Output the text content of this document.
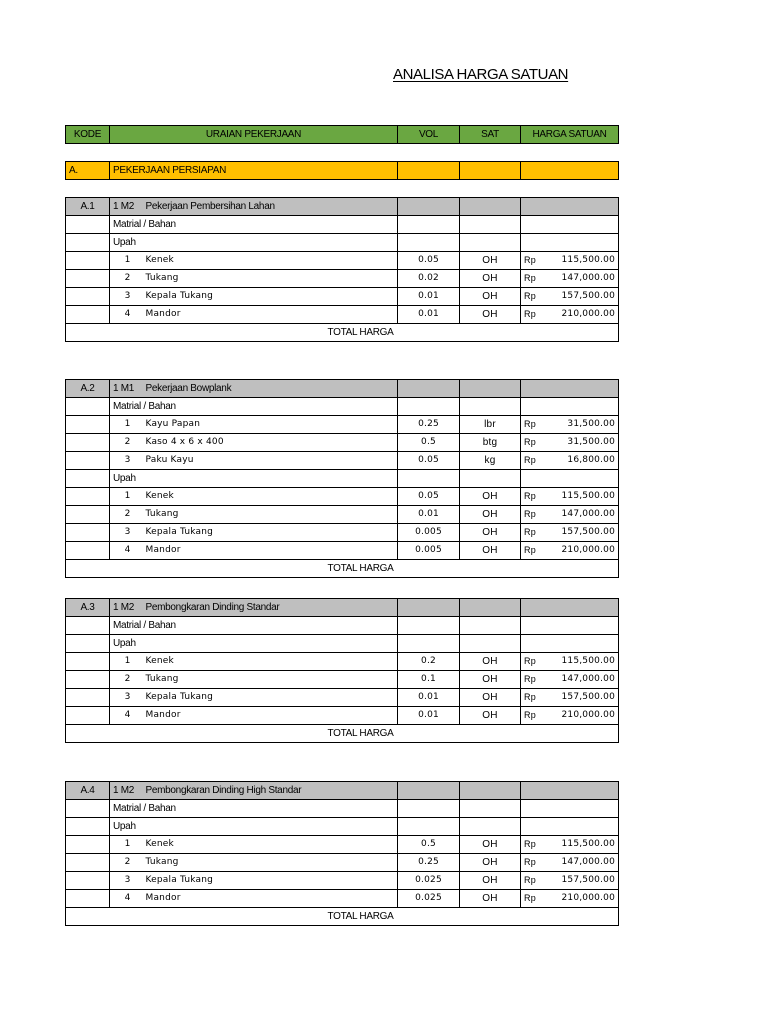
ANALISA HARGA SATUAN
KODE	URAIAN PEKERJAAN	VOL	SAT	HARGA SATUAN
A.	PEKERJAAN PERSIAPAN			
A.1	1 M2	Pekerjaan Pembersihan Lahan			
	Matrial / Bahan				
	Upah				
	1	Kenek	0.05	OH	Rp 115,500.00

	2	Tukang	0.02	OH	Rp 147,000.00

	3	Kepala Tukang	0.01	OH	Rp 157,500.00

	4	Mandor	0.01	OH	Rp 210,000.00

TOTAL HARGA					
A.2	1 M1	Pekerjaan Bowplank			
	Matrial / Bahan				
	1	Kayu Papan	0.25	lbr	Rp 31,500.00

	2	Kaso 4 x 6 x 400	0.5	btg	Rp 31,500.00

	3	Paku Kayu	0.05	kg	Rp 16,800.00

	Upah				
	1	Kenek	0.05	OH	Rp 115,500.00

	2	Tukang	0.01	OH	Rp 147,000.00

	3	Kepala Tukang	0.005	OH	Rp 157,500.00

	4	Mandor	0.005	OH	Rp 210,000.00

TOTAL HARGA					
A.3	1 M2	Pembongkaran Dinding Standar			
	Matrial / Bahan				
	Upah				
	1	Kenek	0.2	OH	Rp 115,500.00

	2	Tukang	0.1	OH	Rp 147,000.00

	3	Kepala Tukang	0.01	OH	Rp 157,500.00

	4	Mandor	0.01	OH	Rp 210,000.00

TOTAL HARGA					
A.4	1 M2	Pembongkaran Dinding High Standar			
	Matrial / Bahan				
	Upah				
	1	Kenek	0.5	OH	Rp 115,500.00

	2	Tukang	0.25	OH	Rp 147,000.00

	3	Kepala Tukang	0.025	OH	Rp 157,500.00

	4	Mandor	0.025	OH	Rp 210,000.00

TOTAL HARGA					
